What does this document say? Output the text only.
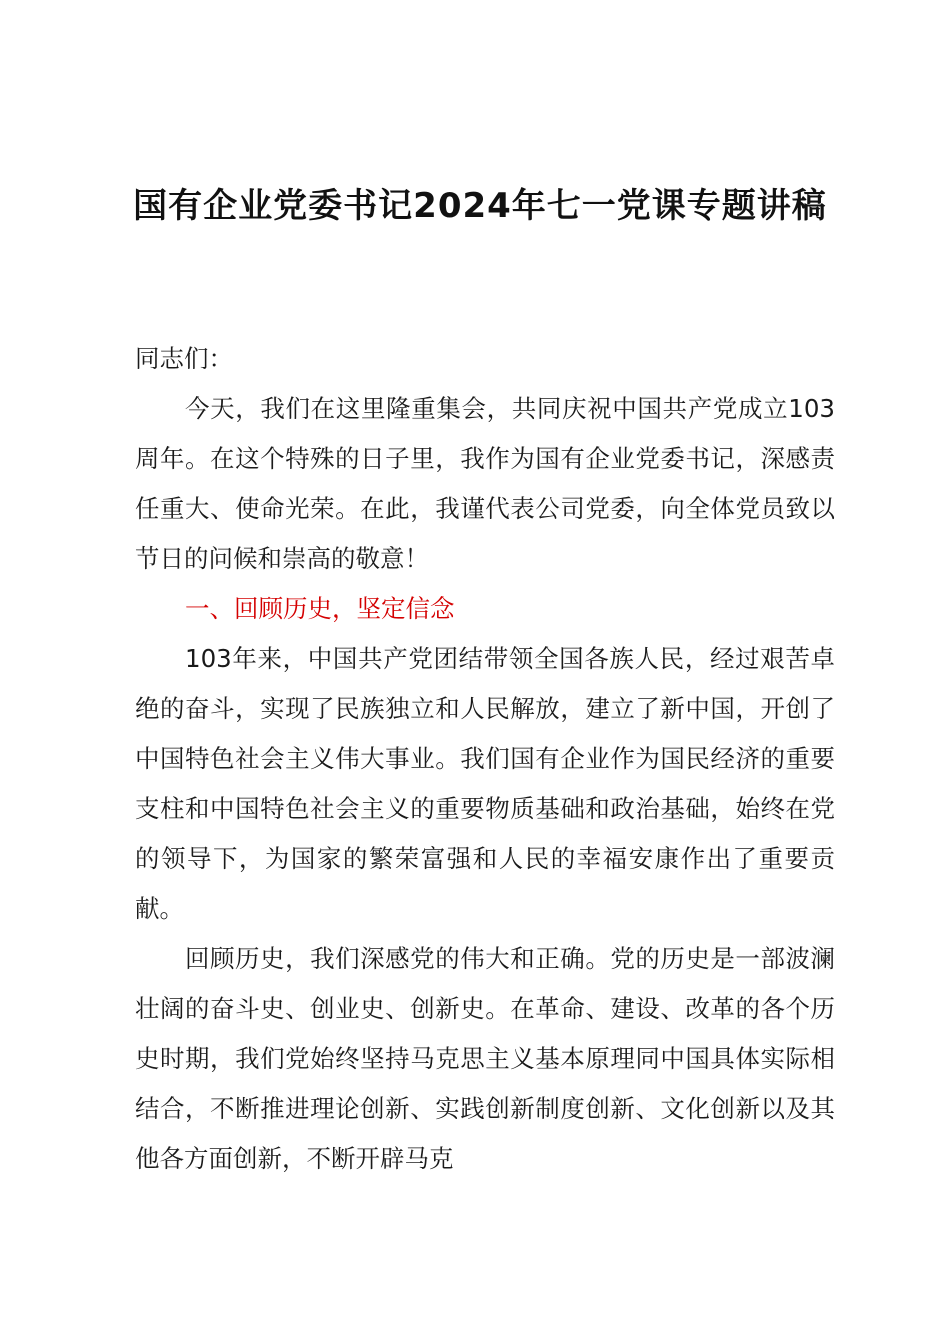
国有企业党委书记2024年七一党课专题讲稿

同志们：

今天，我们在这里隆重集会，共同庆祝中国共产党成立103周年。在这个特殊的日子里，我作为国有企业党委书记，深感责任重大、使命光荣。在此，我谨代表公司党委，向全体党员致以节日的问候和崇高的敬意！

一、回顾历史，坚定信念

103年来，中国共产党团结带领全国各族人民，经过艰苦卓绝的奋斗，实现了民族独立和人民解放，建立了新中国，开创了中国特色社会主义伟大事业。我们国有企业作为国民经济的重要支柱和中国特色社会主义的重要物质基础和政治基础，始终在党的领导下，为国家的繁荣富强和人民的幸福安康作出了重要贡献。

回顾历史，我们深感党的伟大和正确。党的历史是一部波澜壮阔的奋斗史、创业史、创新史。在革命、建设、改革的各个历史时期，我们党始终坚持马克思主义基本原理同中国具体实际相结合，不断推进理论创新、实践创新制度创新、文化创新以及其他各方面创新，不断开辟马克
